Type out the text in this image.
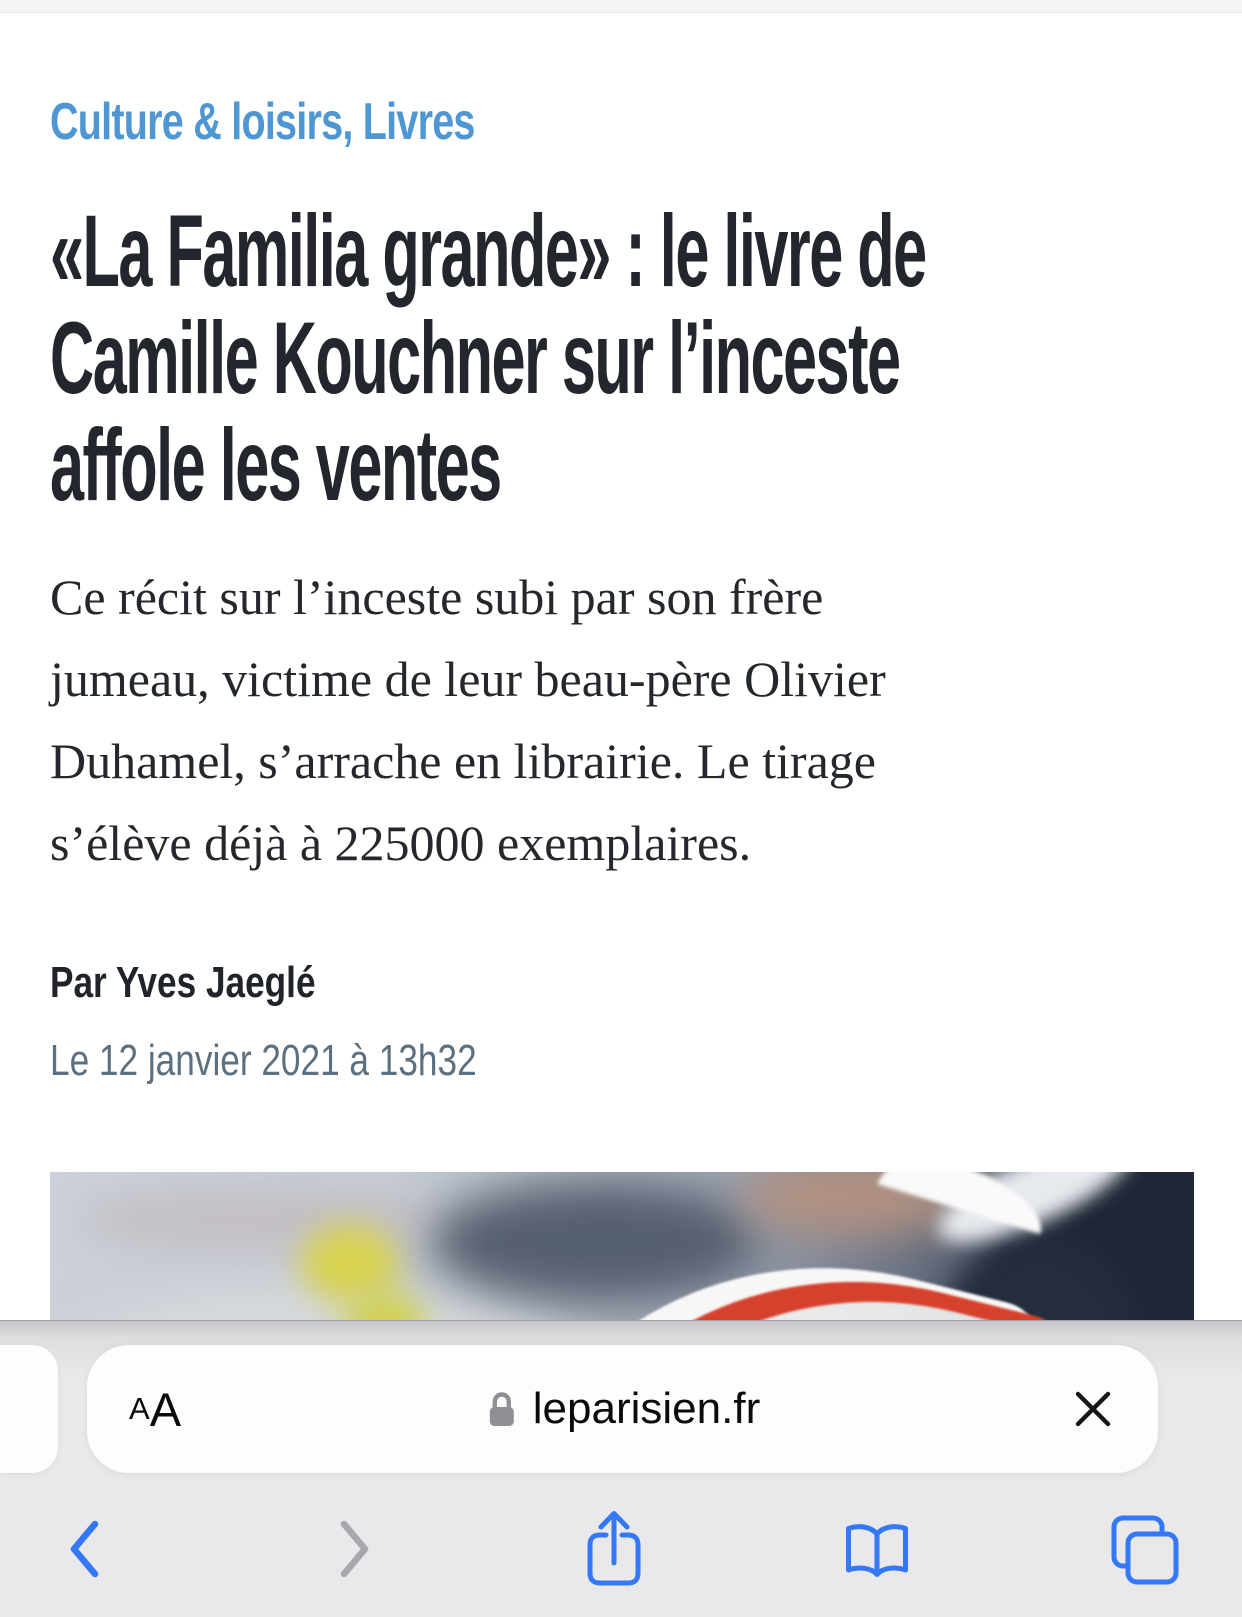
Culture & loisirs, Livres
«La Familia grande» : le livre de
Camille Kouchner sur l’inceste
affole les ventes
Ce récit sur l’inceste subi par son frère
jumeau, victime de leur beau-père Olivier
Duhamel, s’arrache en librairie. Le tirage
s’élève déjà à 225000 exemplaires.
Par Yves Jaeglé
Le 12 janvier 2021 à 13h32
A A	leparisien.fr
